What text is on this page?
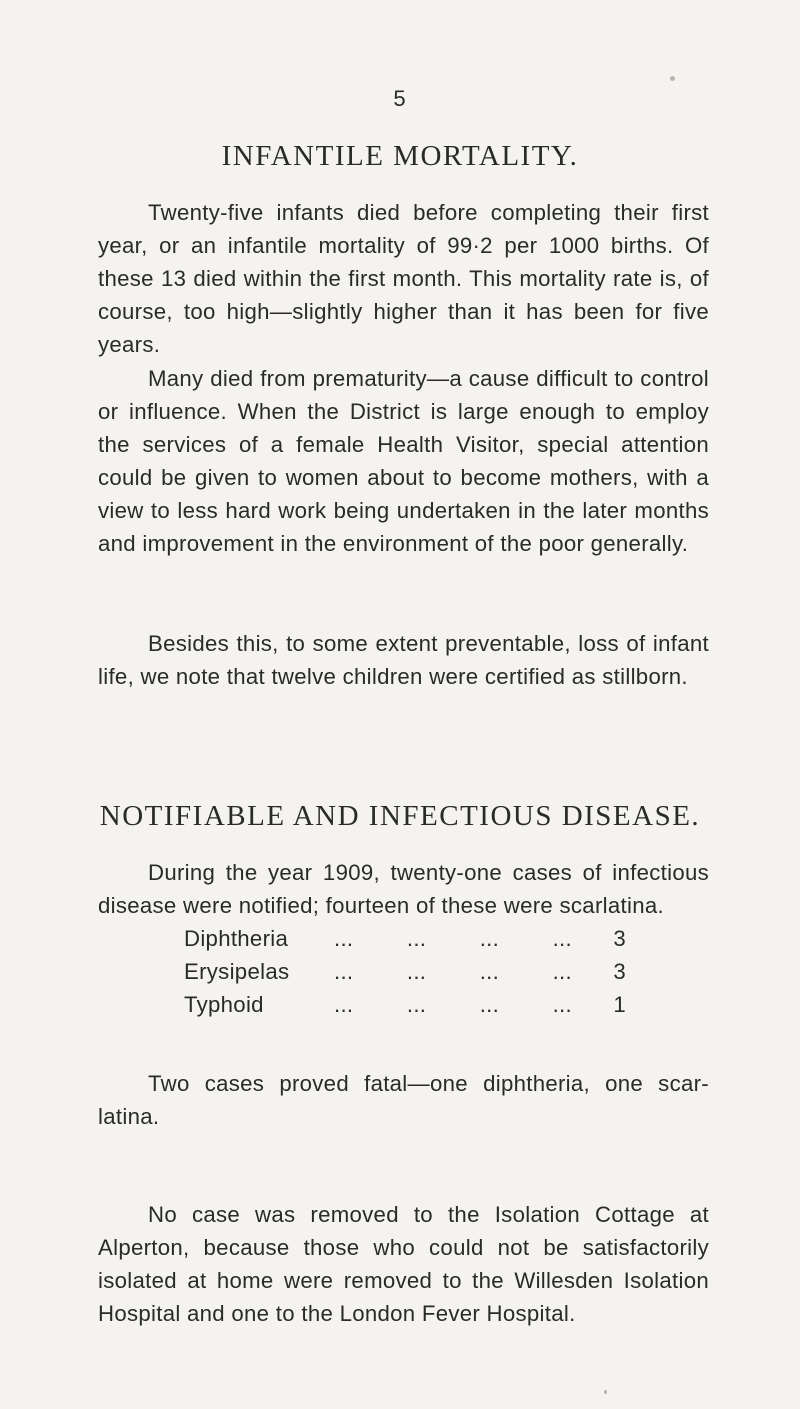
5
INFANTILE MORTALITY.

Twenty-five infants died before completing their first year, or an infantile mortality of 99·2 per 1000 births. Of these 13 died within the first month. This mortality rate is, of course, too high—slightly higher than it has been for five years.

Many died from prematurity—a cause difficult to control or influence. When the District is large enough to employ the services of a female Health Visitor, special attention could be given to women about to become mothers, with a view to less hard work being undertaken in the later months and improvement in the environment of the poor generally.

Besides this, to some extent preventable, loss of infant life, we note that twelve children were certified as stillborn.

NOTIFIABLE AND INFECTIOUS DISEASE.

During the year 1909, twenty-one cases of infectious disease were notified; fourteen of these were scarlatina.

Diphtheria	... ... ... ...	3
Erysipelas	... ... ... ...	3
Typhoid	... ... ... ...	1

Two cases proved fatal—one diphtheria, one scar-latina.

No case was removed to the Isolation Cottage at Alperton, because those who could not be satisfactorily isolated at home were removed to the Willesden Isolation Hospital and one to the London Fever Hospital.
